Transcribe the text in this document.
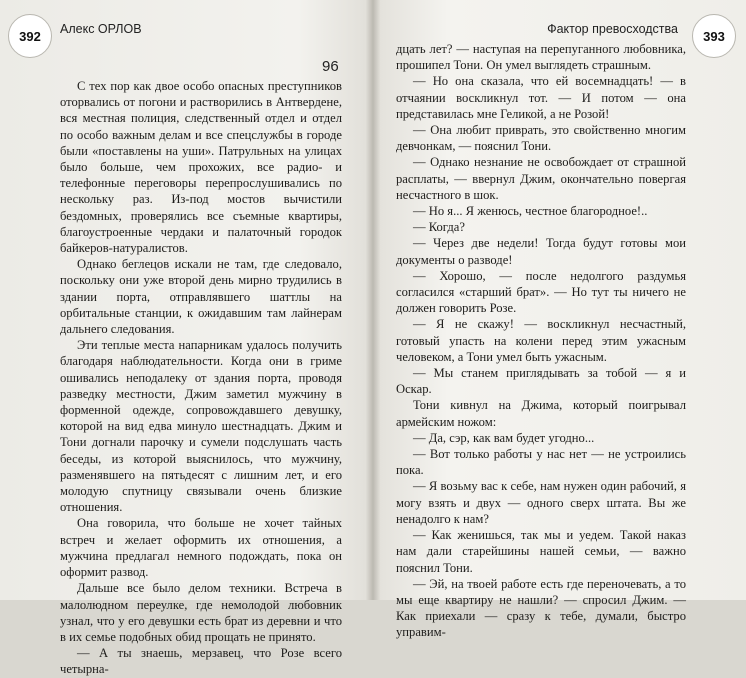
392	Алекс ОРЛОВ
96

С тех пор как двое особо опасных преступников оторвались от погони и растворились в Антвердене, вся местная полиция, следственный отдел и отдел по особо важным делам и все спецслужбы в городе были «поставлены на уши». Патрульных на улицах было больше, чем прохожих, все радио- и телефонные переговоры перепрослушивались по нескольку раз. Из-под мостов вычистили бездомных, проверялись все съемные квартиры, благоустроенные чердаки и палаточный городок байкеров-натуралистов.

Однако беглецов искали не там, где следовало, поскольку они уже второй день мирно трудились в здании порта, отправлявшего шаттлы на орбитальные станции, к ожидавшим там лайнерам дальнего следования.

Эти теплые места напарникам удалось получить благодаря наблюдательности. Когда они в гриме ошивались неподалеку от здания порта, проводя разведку местности, Джим заметил мужчину в форменной одежде, сопровождавшего девушку, которой на вид едва минуло шестнадцать. Джим и Тони догнали парочку и сумели подслушать часть беседы, из которой выяснилось, что мужчину, разменявшего на пятьдесят с лишним лет, и его молодую спутницу связывали очень близкие отношения.

Она говорила, что больше не хочет тайных встреч и желает оформить их отношения, а мужчина предлагал немного подождать, пока он оформит развод.

Дальше все было делом техники. Встреча в малолюдном переулке, где немолодой любовник узнал, что у его девушки есть брат из деревни и что в их семье подобных обид прощать не принято.

— А ты знаешь, мерзавец, что Розе всего четырна-

Фактор превосходства	393

дцать лет? — наступая на перепуганного любовника, прошипел Тони. Он умел выглядеть страшным.

— Но она сказала, что ей восемнадцать! — в отчаянии воскликнул тот. — И потом — она представилась мне Геликой, а не Розой!

— Она любит приврать, это свойственно многим девчонкам, — пояснил Тони.

— Однако незнание не освобождает от страшной расплаты, — ввернул Джим, окончательно повергая несчастного в шок.

— Но я... Я женюсь, честное благородное!..

— Когда?

— Через две недели! Тогда будут готовы мои документы о разводе!

— Хорошо, — после недолгого раздумья согласился «старший брат». — Но тут ты ничего не должен говорить Розе.

— Я не скажу! — воскликнул несчастный, готовый упасть на колени перед этим ужасным человеком, а Тони умел быть ужасным.

— Мы станем приглядывать за тобой — я и Оскар.

Тони кивнул на Джима, который поигрывал армейским ножом:

— Да, сэр, как вам будет угодно...

— Вот только работы у нас нет — не устроились пока.

— Я возьму вас к себе, нам нужен один рабочий, я могу взять и двух — одного сверх штата. Вы же ненадолго к нам?

— Как женишься, так мы и уедем. Такой наказ нам дали старейшины нашей семьи, — важно пояснил Тони.

— Эй, на твоей работе есть где переночевать, а то мы еще квартиру не нашли? — спросил Джим. — Как приехали — сразу к тебе, думали, быстро управим-
